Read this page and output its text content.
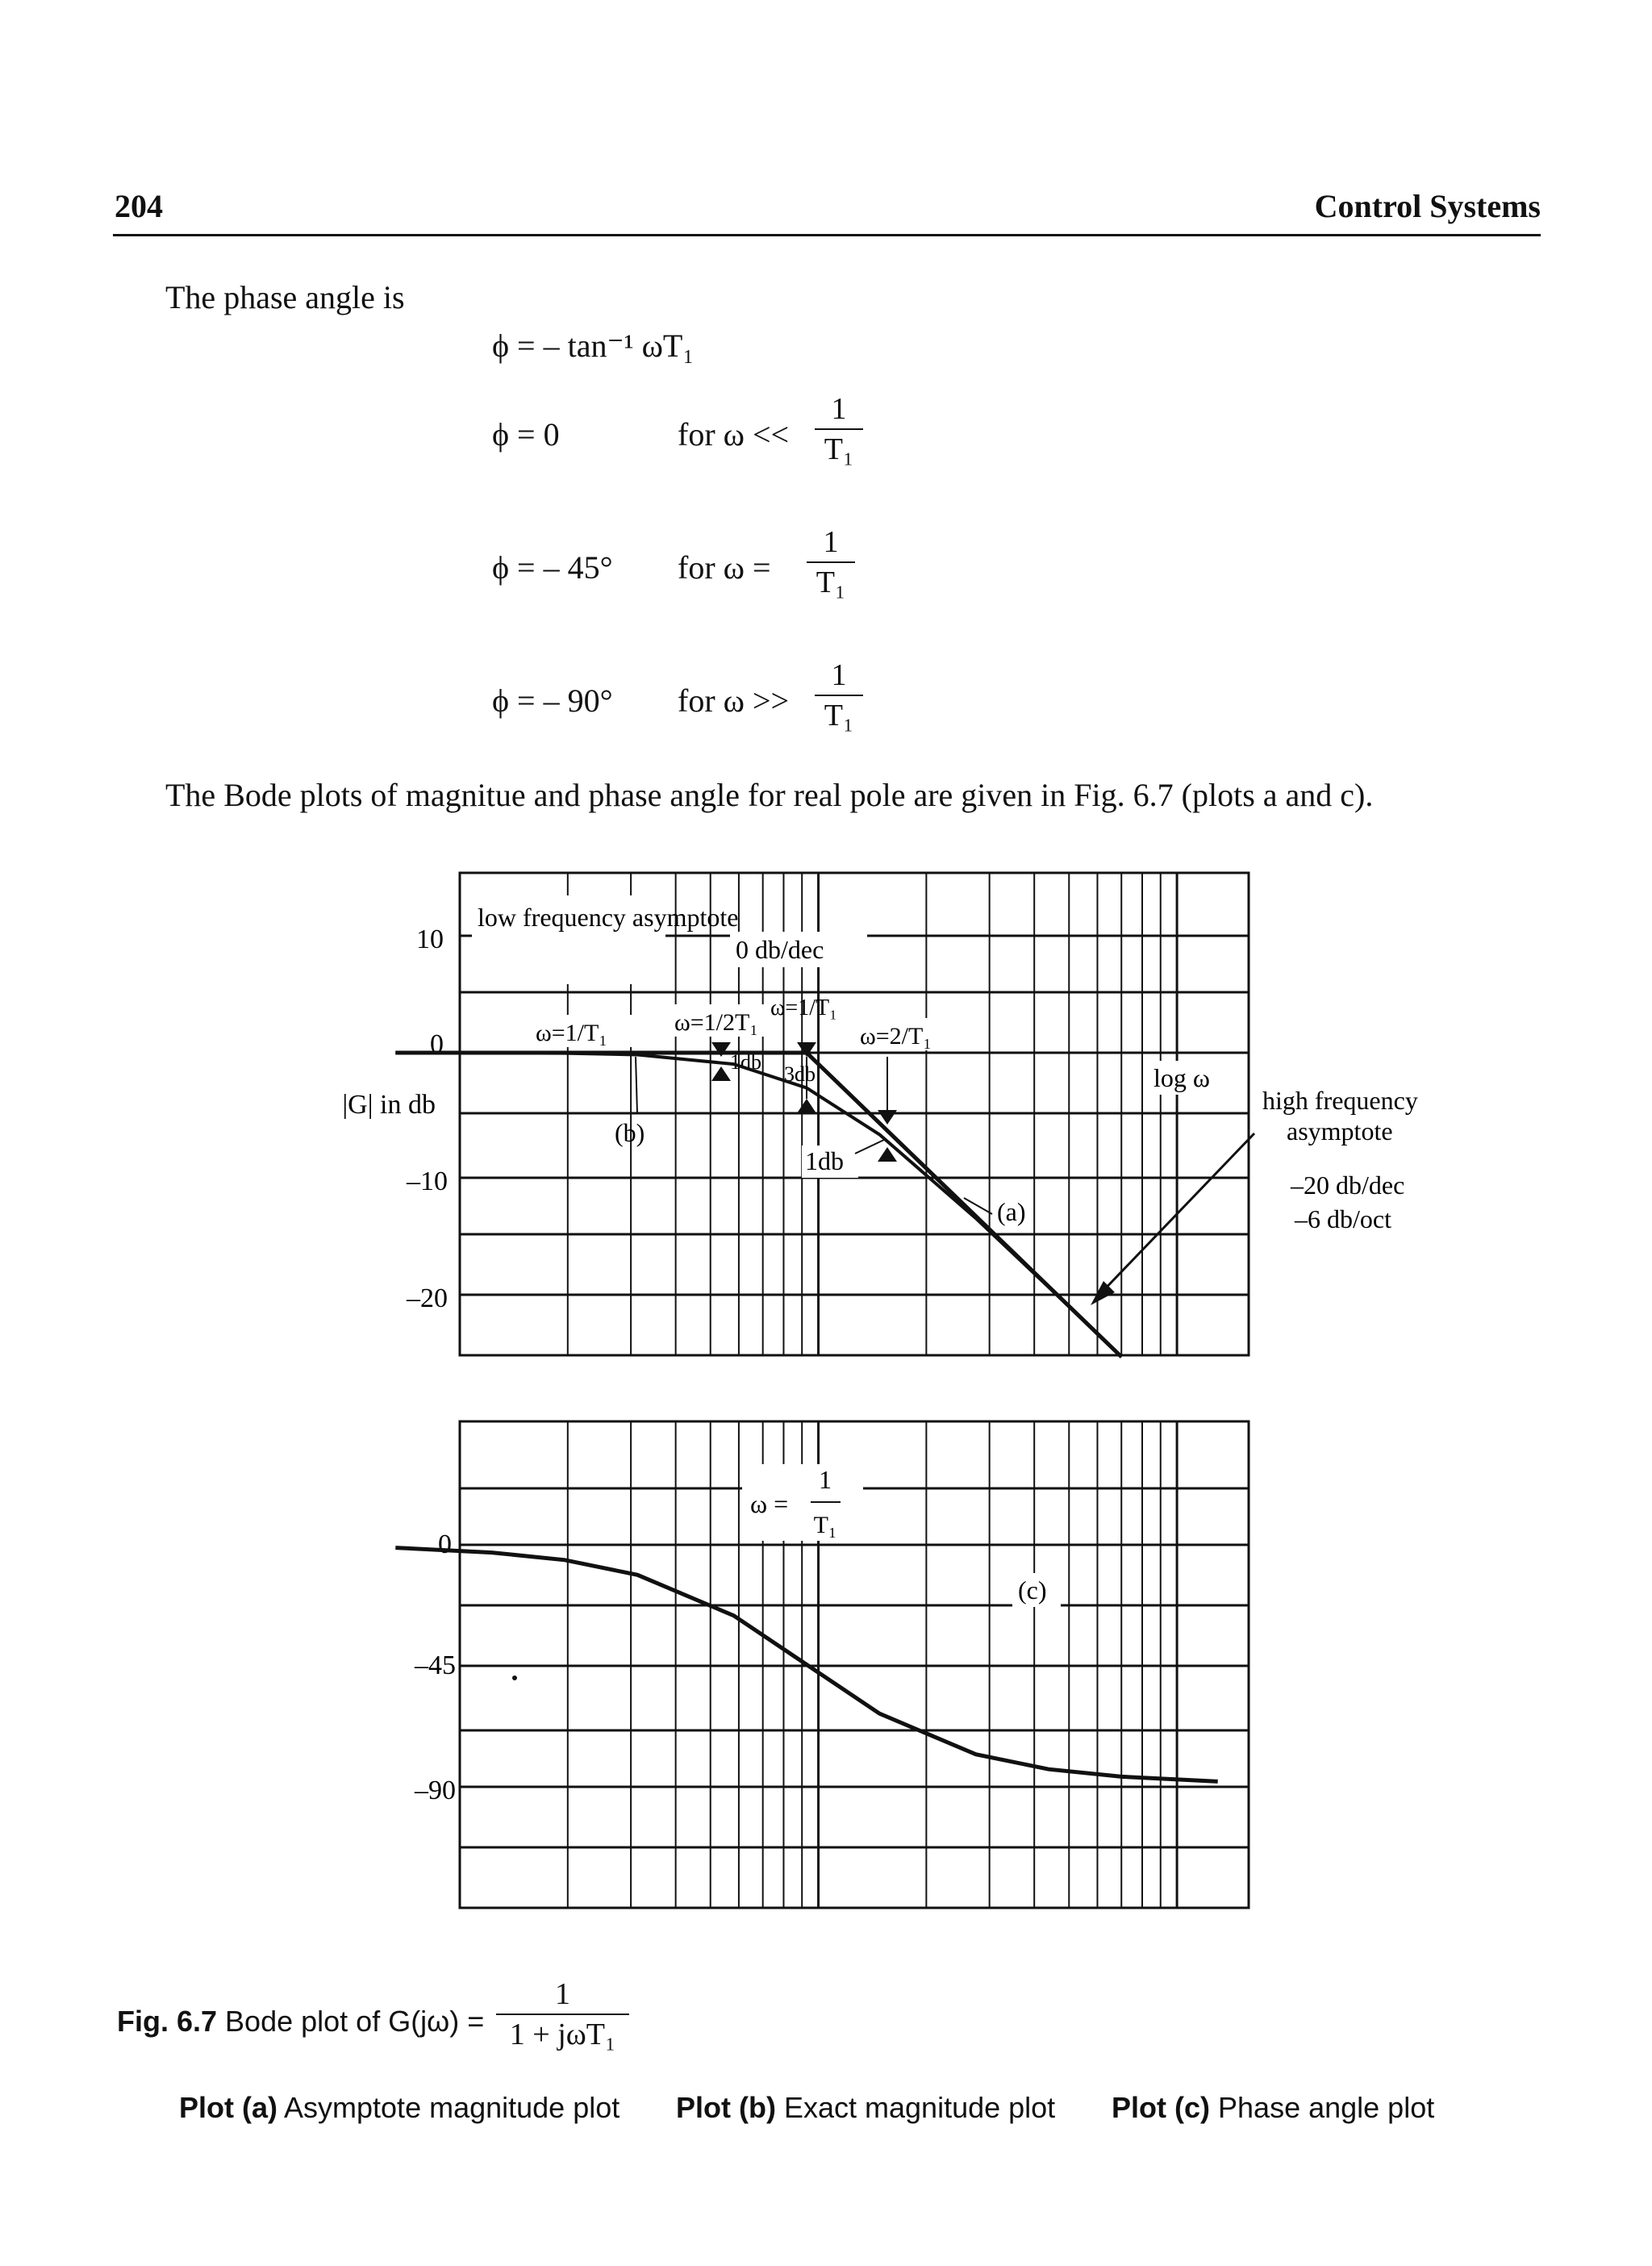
204	Control Systems
The phase angle is
ϕ = – tan⁻¹ ωT₁
ϕ = 0	for ω <<
1
T₁
ϕ = – 45° for ω =
1
T₁
ϕ = – 90° for ω >>
1
T₁
The Bode plots of magnitue and phase angle for real pole are given in Fig. 6.7 (plots a and c).
10
0
–10
–20
|G| in db
low frequency asymptote
0 db/dec
ω=1/T₁	ω=1/2T₁
ω=1/T₁
ω=2/T₁
1db
3db
1db
(a)
(b)
log ω
high frequency asymptote
–20 db/dec
–6 db/oct
0
–45
–90
ω =
1
T₁
(c)
Fig. 6.7 Bode plot of G(jω) =
1
1 + jωT₁
Plot (a) Asymptote magnitude plot Plot (b) Exact magnitude plot Plot (c) Phase angle plot
